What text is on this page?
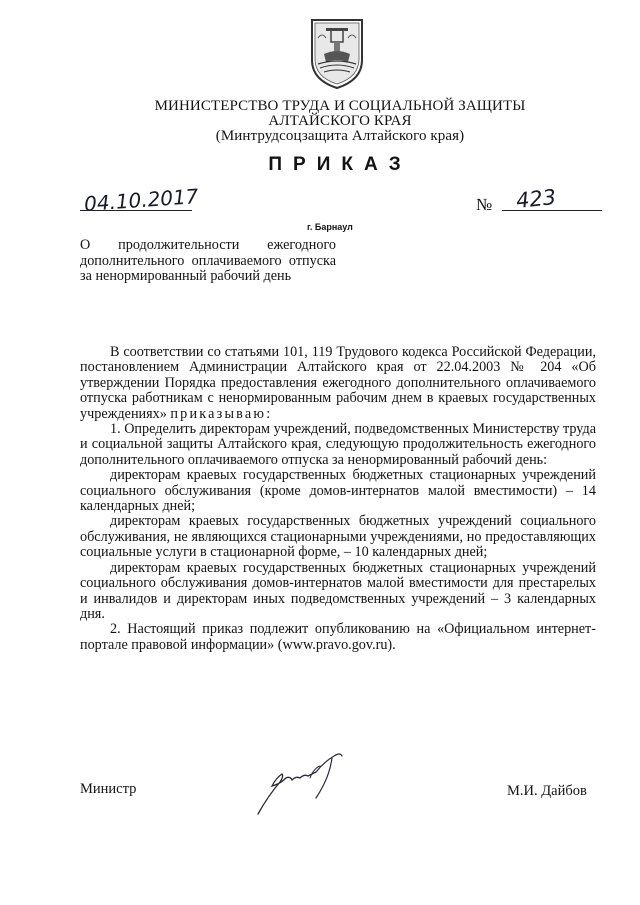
МИНИСТЕРСТВО ТРУДА И СОЦИАЛЬНОЙ ЗАЩИТЫ
АЛТАЙСКОГО КРАЯ
(Минтрудсоцзащита Алтайского края)
ПРИКАЗ
04.10.2017	№ 423
г. Барнаул
О продолжительности ежегодного дополнительного оплачиваемого отпуска за ненормированный рабочий день

В соответствии со статьями 101, 119 Трудового кодекса Российской Федерации, постановлением Администрации Алтайского края от 22.04.2003 № 204 «Об утверждении Порядка предоставления ежегодного дополнительного оплачиваемого отпуска работникам с ненормированным рабочим днем в краевых государственных учреждениях» приказываю:

1. Определить директорам учреждений, подведомственных Министерству труда и социальной защиты Алтайского края, следующую продолжительность ежегодного дополнительного оплачиваемого отпуска за ненормированный рабочий день:

директорам краевых государственных бюджетных стационарных учреждений социального обслуживания (кроме домов-интернатов малой вместимости) – 14 календарных дней;

директорам краевых государственных бюджетных учреждений социального обслуживания, не являющихся стационарными учреждениями, но предоставляющих социальные услуги в стационарной форме, – 10 календарных дней;

директорам краевых государственных бюджетных стационарных учреждений социального обслуживания домов-интернатов малой вместимости для престарелых и инвалидов и директорам иных подведомственных учреждений – 3 календарных дня.

2. Настоящий приказ подлежит опубликованию на «Официальном интернет-портале правовой информации» (www.pravo.gov.ru).

Министр	М.И. Дайбов
